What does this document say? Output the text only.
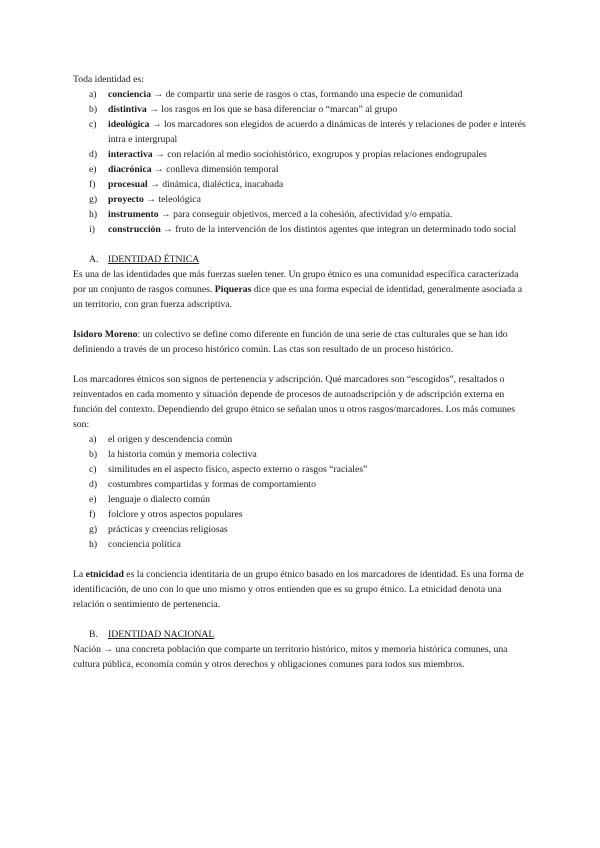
Toda identidad es:

a) conciencia → de compartir una serie de rasgos o ctas, formando una especie de comunidad
b) distintiva → los rasgos en los que se basa diferenciar o “marcan” al grupo
c) ideológica → los marcadores son elegidos de acuerdo a dinámicas de interés y relaciones de poder e interés intra e intergrupal
d) interactiva → con relación al medio sociohistórico, exogrupos y propias relaciones endogrupales
e) diacrónica → conlleva dimensión temporal
f) procesual → dinámica, dialéctica, inacabada
g) proyecto → teleológica
h) instrumento → para conseguir objetivos, merced a la cohesión, afectividad y/o empatía.
i) construcción → fruto de la intervención de los distintos agentes que integran un determinado todo social
A. IDENTIDAD ÉTNICA

Es una de las identidades que más fuerzas suelen tener. Un grupo étnico es una comunidad específica caracterizada por un conjunto de rasgos comunes. Piqueras dice que es una forma especial de identidad, generalmente asociada a un territorio, con gran fuerza adscriptiva.

Isidoro Moreno: un colectivo se define como diferente en función de una serie de ctas culturales que se han ido definiendo a través de un proceso histórico común. Las ctas son resultado de un proceso histórico.

Los marcadores étnicos son signos de pertenencia y adscripción. Qué marcadores son “escogidos”, resaltados o reinventados en cada momento y situación depende de procesos de autoadscripción y de adscripción externa en función del contexto. Dependiendo del grupo étnico se señalan unos u otros rasgos/marcadores. Los más comunes son:

a) el origen y descendencia común
b) la historia común y memoria colectiva
c) similitudes en el aspecto físico, aspecto externo o rasgos “raciales”
d) costumbres compartidas y formas de comportamiento
e) lenguaje o dialecto común
f) folclore y otros aspectos populares
g) prácticas y creencias religiosas
h) conciencia política

La etnicidad es la conciencia identitaria de un grupo étnico basado en los marcadores de identidad. Es una forma de identificación, de uno con lo que uno mismo y otros entienden que es su grupo étnico. La etnicidad denota una relación o sentimiento de pertenencia.

B. IDENTIDAD NACIONAL

Nación → una concreta población que comparte un territorio histórico, mitos y memoria histórica comunes, una cultura pública, economía común y otros derechos y obligaciones comunes para todos sus miembros.
